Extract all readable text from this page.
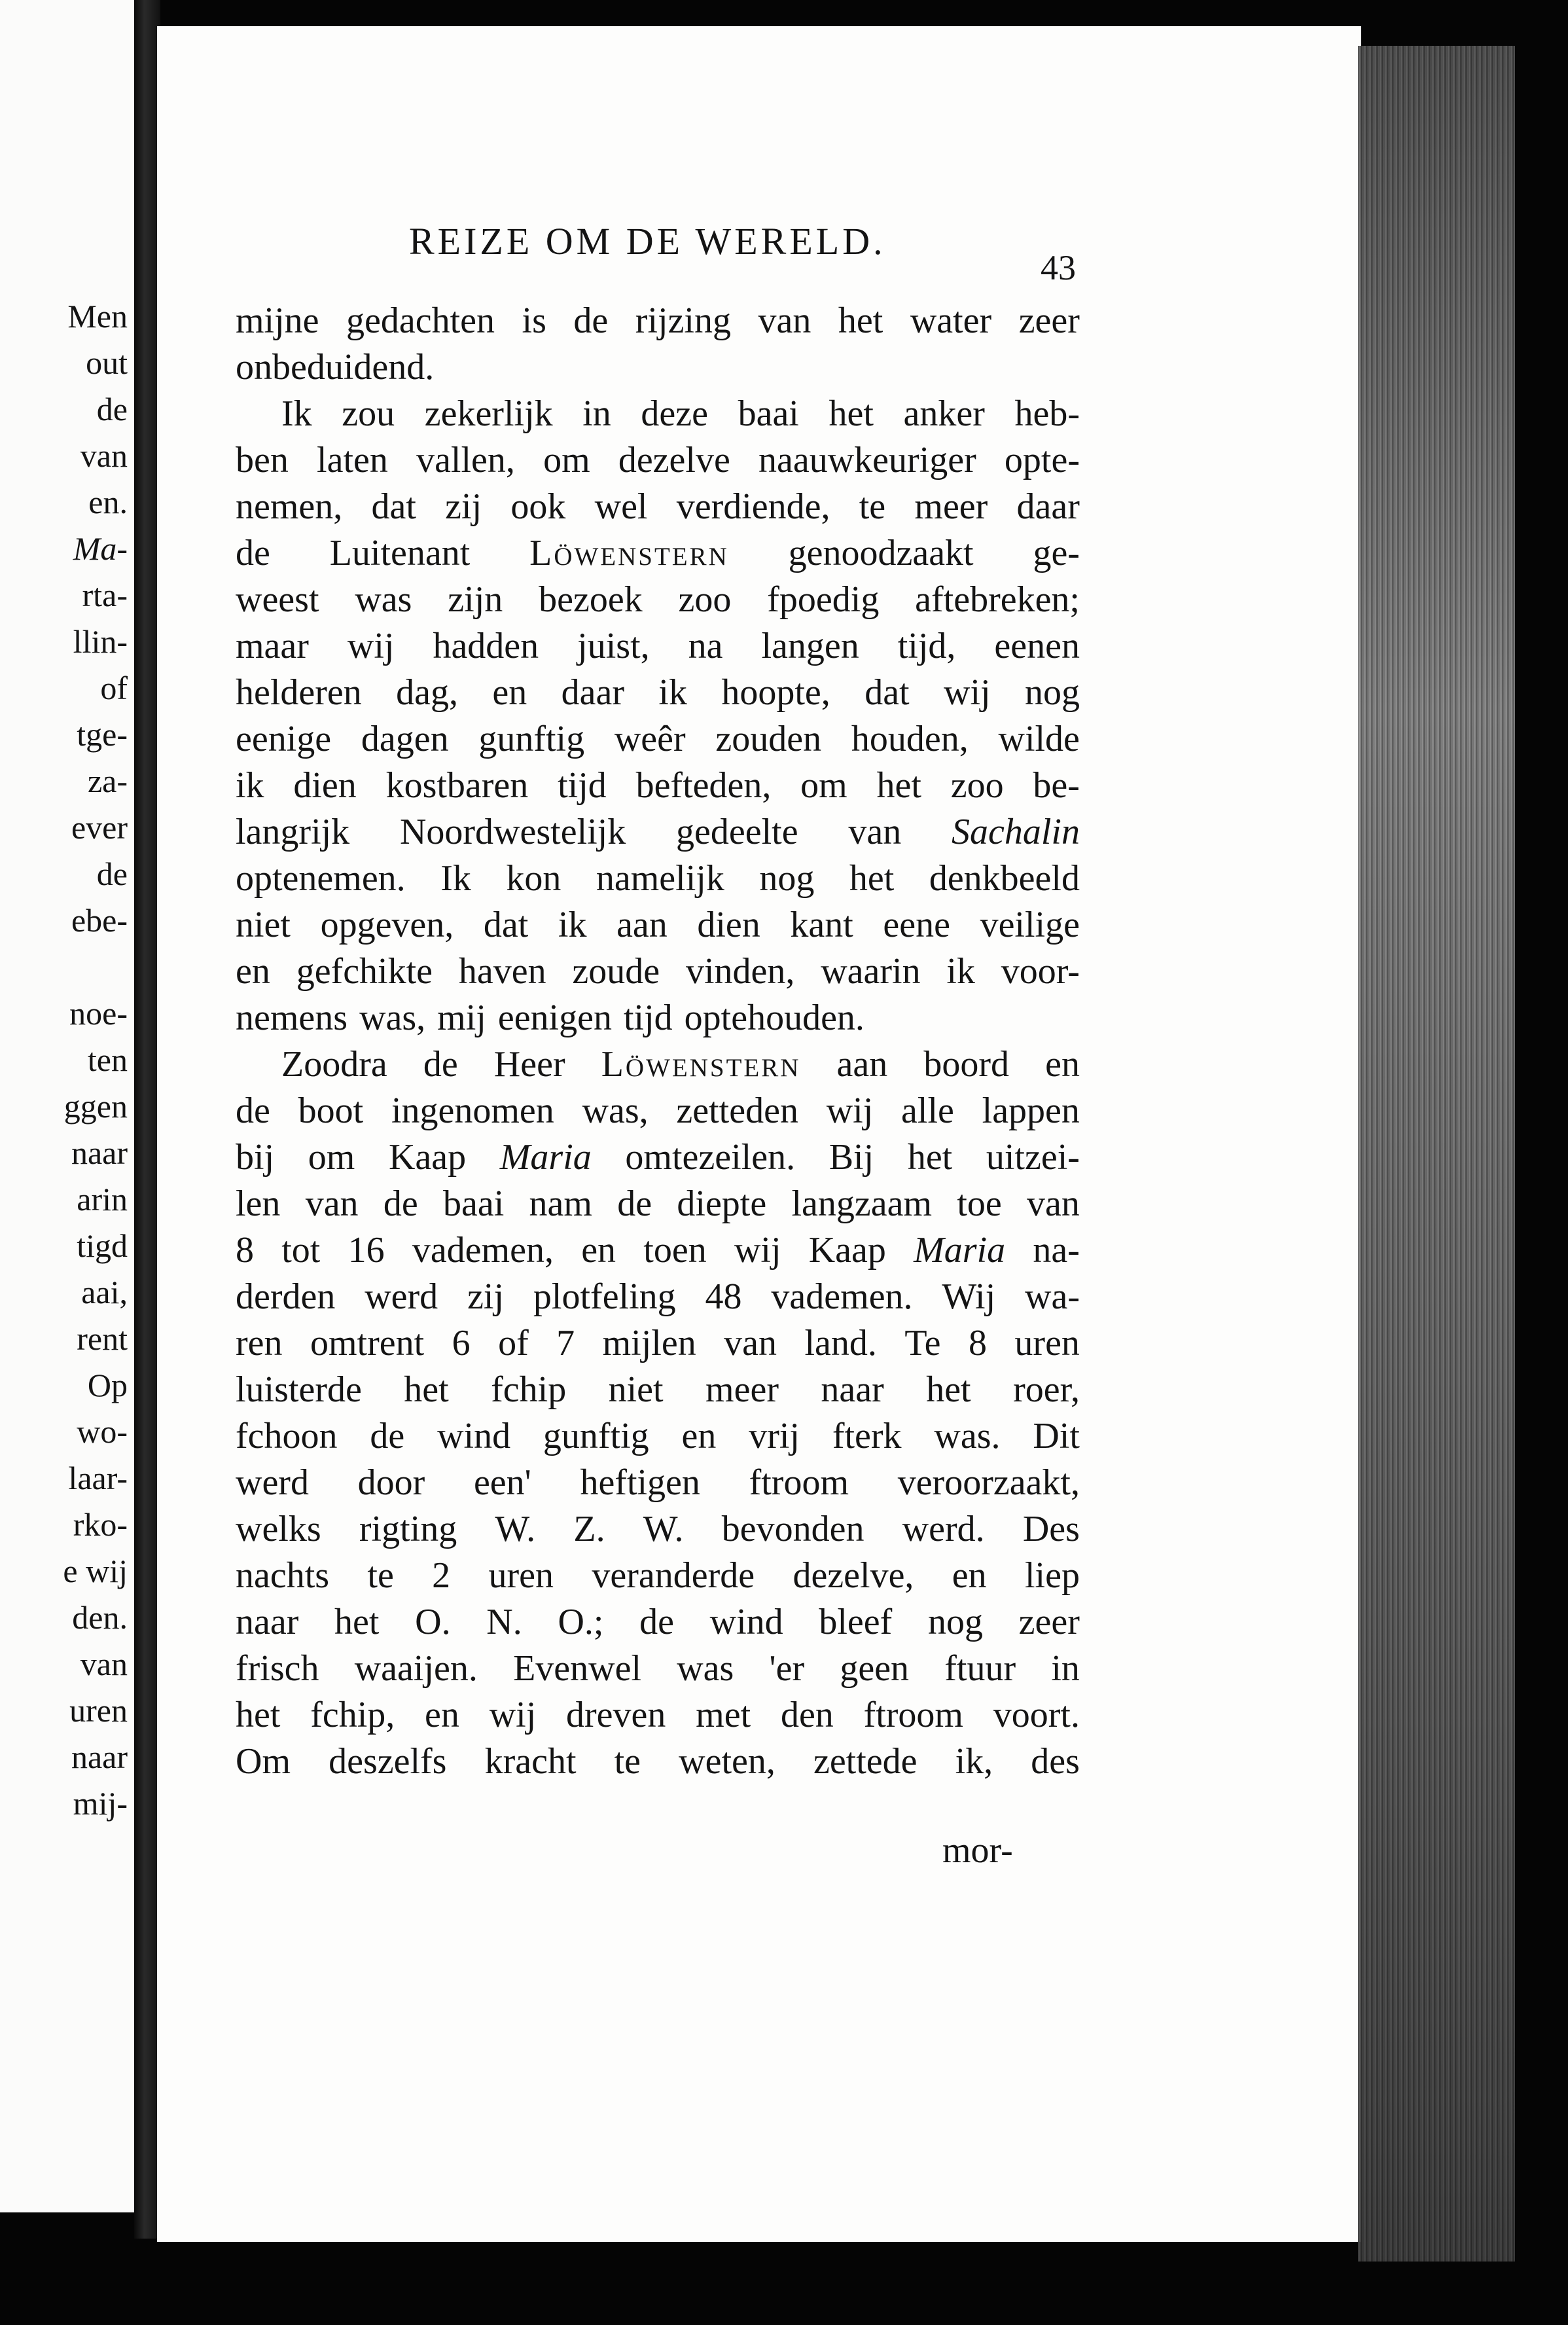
Men
out
de
van
en.
Ma-
rta-
llin-
of
tge-
za-
ever
de
ebe-

noe-
ten
ggen
naar
arin
tigd
aai,
rent
Op
wo-
laar-
rko-
e wij
den.
van
uren
naar
mij-
REIZE OM DE WERELD.
43
mijne gedachten is de rijzing van het water zeer
onbeduidend.
Ik zou zekerlijk in deze baai het anker heb-
ben laten vallen, om dezelve naauwkeuriger opte-
nemen, dat zij ook wel verdiende, te meer daar
de Luitenant Löwenstern genoodzaakt ge-
weest was zijn bezoek zoo fpoedig aftebreken;
maar wij hadden juist, na langen tijd, eenen
helderen dag, en daar ik hoopte, dat wij nog
eenige dagen gunftig weêr zouden houden, wilde
ik dien kostbaren tijd befteden, om het zoo be-
langrijk Noordwestelijk gedeelte van Sachalin
optenemen. Ik kon namelijk nog het denkbeeld
niet opgeven, dat ik aan dien kant eene veilige
en gefchikte haven zoude vinden, waarin ik voor-
nemens was, mij eenigen tijd optehouden.
Zoodra de Heer Löwenstern aan boord en
de boot ingenomen was, zetteden wij alle lappen
bij om Kaap Maria omtezeilen. Bij het uitzei-
len van de baai nam de diepte langzaam toe van
8 tot 16 vademen, en toen wij Kaap Maria na-
derden werd zij plotfeling 48 vademen. Wij wa-
ren omtrent 6 of 7 mijlen van land. Te 8 uren
luisterde het fchip niet meer naar het roer,
fchoon de wind gunftig en vrij fterk was. Dit
werd door een' heftigen ftroom veroorzaakt,
welks rigting W. Z. W. bevonden werd. Des
nachts te 2 uren veranderde dezelve, en liep
naar het O. N. O.; de wind bleef nog zeer
frisch waaijen. Evenwel was 'er geen ftuur in
het fchip, en wij dreven met den ftroom voort.
Om deszelfs kracht te weten, zettede ik, des
mor-
